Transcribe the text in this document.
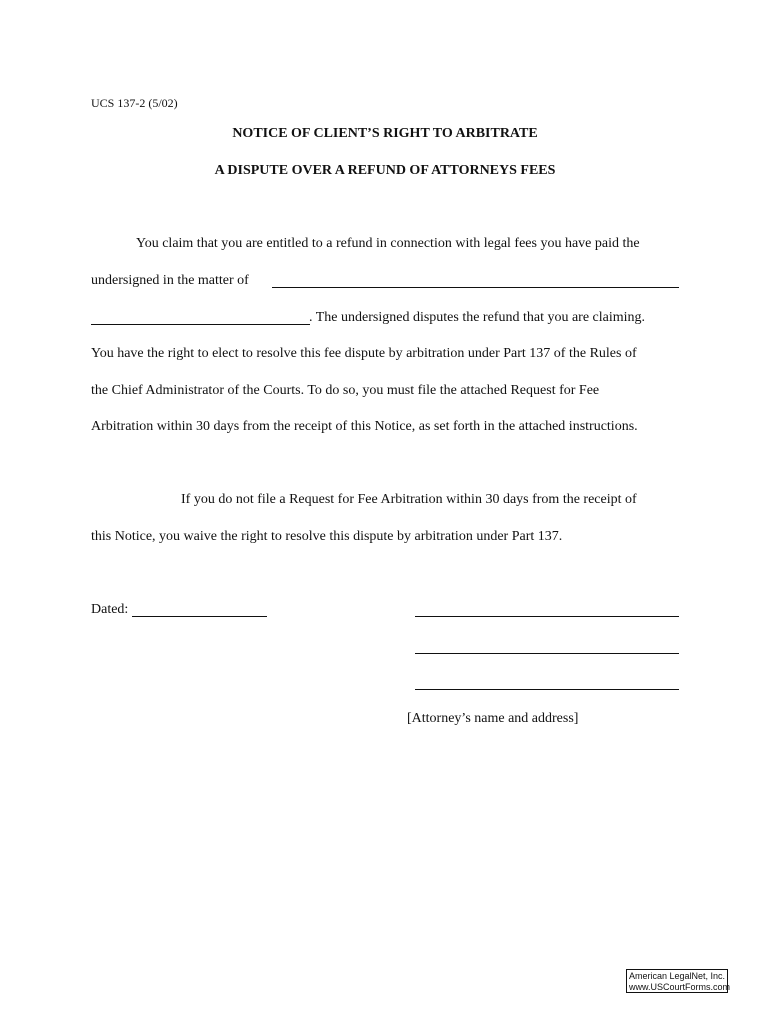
UCS 137-2 (5/02)
NOTICE OF CLIENT’S RIGHT TO ARBITRATE
A DISPUTE OVER A REFUND OF ATTORNEYS FEES
You claim that you are entitled to a refund in connection with legal fees you have paid the
undersigned in the matter of
. The undersigned disputes the refund that you are claiming.
You have the right to elect to resolve this fee dispute by arbitration under Part 137 of the Rules of
the Chief Administrator of the Courts. To do so, you must file the attached Request for Fee
Arbitration within 30 days from the receipt of this Notice, as set forth in the attached instructions.
If you do not file a Request for Fee Arbitration within 30 days from the receipt of
this Notice, you waive the right to resolve this dispute by arbitration under Part 137.
Dated:
[Attorney’s name and address]
American LegalNet, Inc.
www.USCourtForms.com
